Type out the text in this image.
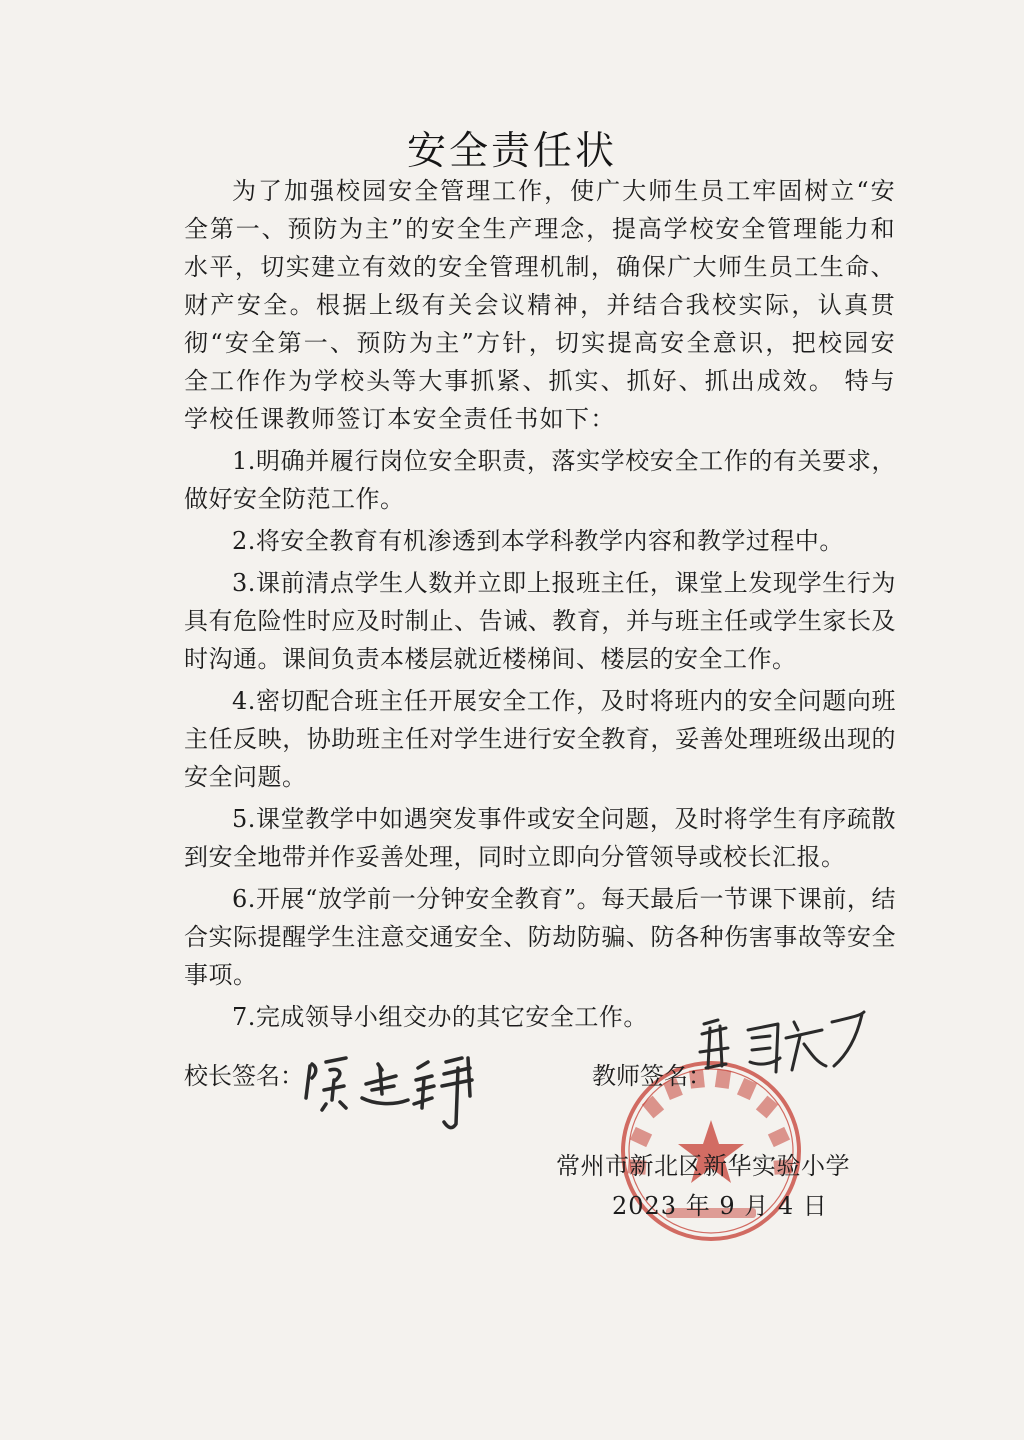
安全责任状

为了加强校园安全管理工作，使广大师生员工牢固树立“安全第一、预防为主”的安全生产理念，提高学校安全管理能力和水平，切实建立有效的安全管理机制，确保广大师生员工生命、财产安全。根据上级有关会议精神，并结合我校实际，认真贯彻“安全第一、预防为主”方针，切实提高安全意识，把校园安全工作作为学校头等大事抓紧、抓实、抓好、抓出成效。 特与学校任课教师签订本安全责任书如下：

1.明确并履行岗位安全职责，落实学校安全工作的有关要求，做好安全防范工作。

2.将安全教育有机渗透到本学科教学内容和教学过程中。

3.课前清点学生人数并立即上报班主任，课堂上发现学生行为具有危险性时应及时制止、告诫、教育，并与班主任或学生家长及时沟通。课间负责本楼层就近楼梯间、楼层的安全工作。

4.密切配合班主任开展安全工作，及时将班内的安全问题向班主任反映，协助班主任对学生进行安全教育，妥善处理班级出现的安全问题。

5.课堂教学中如遇突发事件或安全问题，及时将学生有序疏散到安全地带并作妥善处理，同时立即向分管领导或校长汇报。

6.开展“放学前一分钟安全教育”。每天最后一节课下课前，结合实际提醒学生注意交通安全、防劫防骗、防各种伤害事故等安全事项。

7.完成领导小组交办的其它安全工作。

校长签名：	教师签名：
常州市新北区新华实验小学
2023 年 9 月 4 日
